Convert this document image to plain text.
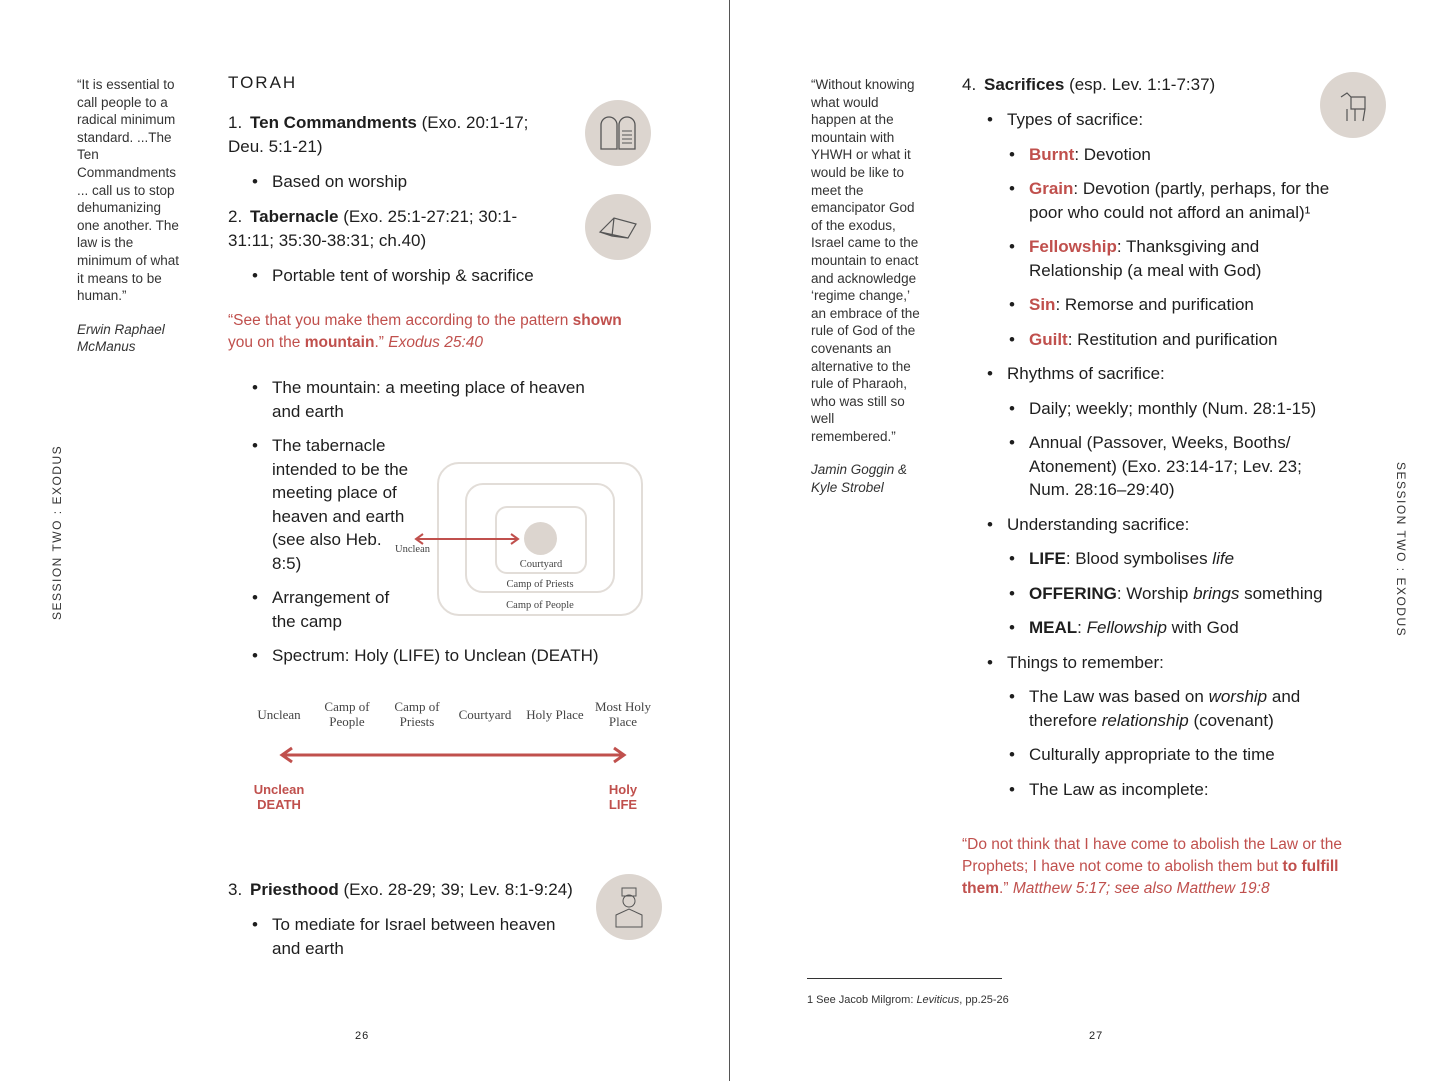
“It is essential to call people to a radical minimum standard. ...The Ten Commandments ... call us to stop dehumanizing one another. The law is the minimum of what it means to be human.”
Erwin Raphael McManus
SESSION TWO : EXODUS
TORAH
1. Ten Commandments (Exo. 20:1-17; Deu. 5:1-21)
• Based on worship
2. Tabernacle (Exo. 25:1-27:21; 30:1-31:11; 35:30-38:31; ch.40)
• Portable tent of worship & sacrifice
“See that you make them according to the pattern shown you on the mountain.” Exodus 25:40
• The mountain: a meeting place of heaven and earth
• The tabernacle intended to be the meeting place of heaven and earth (see also Heb. 8:5)
• Arrangement of the camp
• Spectrum: Holy (LIFE) to Unclean (DEATH)
Unclean
Courtyard
Camp of Priests
Camp of People
Unclean
Camp of People
Camp of Priests	Courtyard	Holy Place
Most Holy Place
Unclean
DEATH
Holy
LIFE
3. Priesthood (Exo. 28-29; 39; Lev. 8:1-9:24)
• To mediate for Israel between heaven and earth
26
“Without knowing what would happen at the mountain with YHWH or what it would be like to meet the emancipator God of the exodus, Israel came to the mountain to enact and acknowledge ‘regime change,’ an embrace of the rule of God of the covenants an alternative to the rule of Pharaoh, who was still so well remembered.”
Jamin Goggin & Kyle Strobel	SESSION TWO : EXODUS
4. Sacrifices (esp. Lev. 1:1-7:37)
• Types of sacrifice:
• Burnt: Devotion
• Grain: Devotion (partly, perhaps, for the poor who could not afford an animal)¹
• Fellowship: Thanksgiving and Relationship (a meal with God)
• Sin: Remorse and purification
• Guilt: Restitution and purification
• Rhythms of sacrifice:
• Daily; weekly; monthly (Num. 28:1-15)
• Annual (Passover, Weeks, Booths/ Atonement) (Exo. 23:14-17; Lev. 23; Num. 28:16–29:40)
• Understanding sacrifice:
• LIFE: Blood symbolises life
• OFFERING: Worship brings something
• MEAL: Fellowship with God
• Things to remember:
• The Law was based on worship and therefore relationship (covenant)
• Culturally appropriate to the time
• The Law as incomplete:
“Do not think that I have come to abolish the Law or the Prophets; I have not come to abolish them but to fulfill them.” Matthew 5:17; see also Matthew 19:8
1 See Jacob Milgrom: Leviticus, pp.25-26
27
